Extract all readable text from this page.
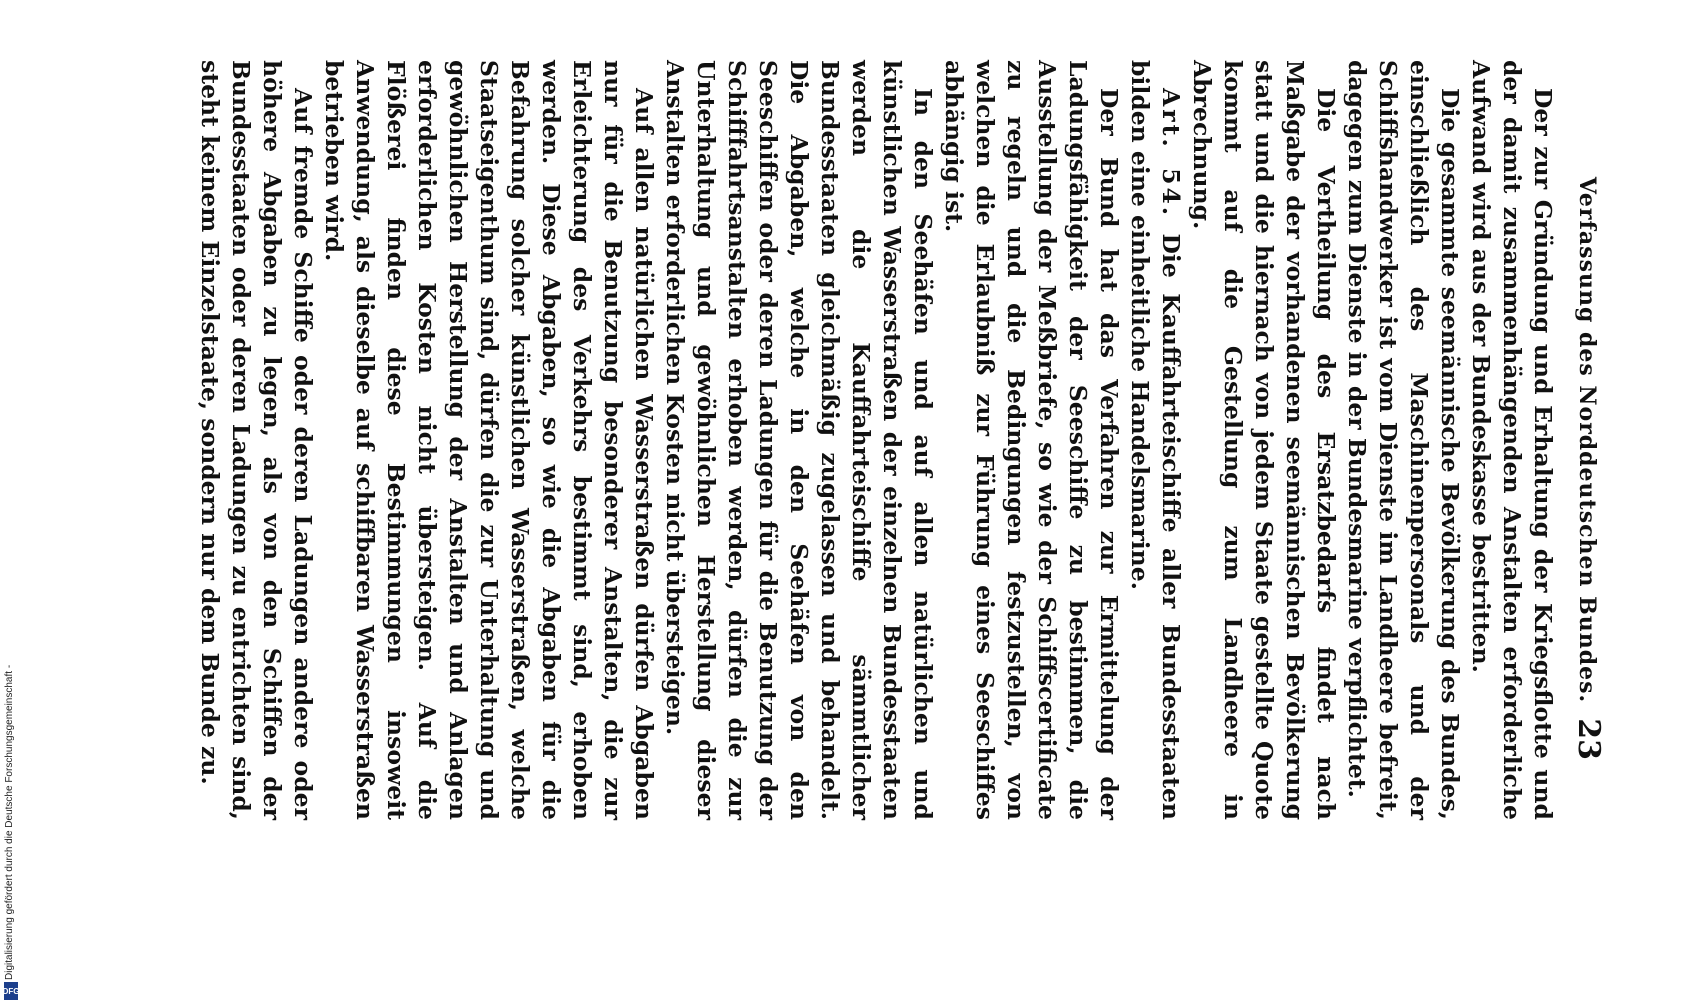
Verfassung des Norddeutschen Bundes.
23

Der zur Gründung und Erhaltung der Kriegsflotte und der damit zusammenhängenden Anstalten erforderliche Aufwand wird aus der Bundeskasse bestritten.

Die gesammte seemännische Bevölkerung des Bundes, einschließlich des Maschinenpersonals und der Schiffshandwerker ist vom Dienste im Landheere befreit, dagegen zum Dienste in der Bundesmarine verpflichtet.

Die Vertheilung des Ersatzbedarfs findet nach Maßgabe der vorhandenen seemännischen Bevölkerung statt und die hiernach von jedem Staate gestellte Quote kommt auf die Gestellung zum Landheere in Abrechnung.

Art. 54. Die Kauffahrteischiffe aller Bundesstaaten bilden eine einheitliche Handelsmarine.

Der Bund hat das Verfahren zur Ermittelung der Ladungsfähigkeit der Seeschiffe zu bestimmen, die Ausstellung der Meßbriefe, so wie der Schiffscertificate zu regeln und die Bedingungen festzustellen, von welchen die Erlaubniß zur Führung eines Seeschiffes abhängig ist.

In den Seehäfen und auf allen natürlichen und künstlichen Wasserstraßen der einzelnen Bundesstaaten werden die Kauffahrteischiffe sämmtlicher Bundesstaaten gleichmäßig zugelassen und behandelt. Die Abgaben, welche in den Seehäfen von den Seeschiffen oder deren Ladungen für die Benutzung der Schifffahrtsanstalten erhoben werden, dürfen die zur Unterhaltung und gewöhnlichen Herstellung dieser Anstalten erforderlichen Kosten nicht übersteigen.

Auf allen natürlichen Wasserstraßen dürfen Abgaben nur für die Benutzung besonderer Anstalten, die zur Erleichterung des Verkehrs bestimmt sind, erhoben werden. Diese Abgaben, so wie die Abgaben für die Befahrung solcher künstlichen Wasserstraßen, welche Staatseigenthum sind, dürfen die zur Unterhaltung und gewöhnlichen Herstellung der Anstalten und Anlagen erforderlichen Kosten nicht übersteigen. Auf die Flößerei finden diese Bestimmungen insoweit Anwendung, als dieselbe auf schiffbaren Wasserstraßen betrieben wird.

Auf fremde Schiffe oder deren Ladungen andere oder höhere Abgaben zu legen, als von den Schiffen der Bundesstaaten oder deren Ladungen zu entrichten sind, steht keinem Einzelstaate, sondern nur dem Bunde zu.

Digitalisierung gefördert durch die Deutsche Forschungsgemeinschaft -
DFG
